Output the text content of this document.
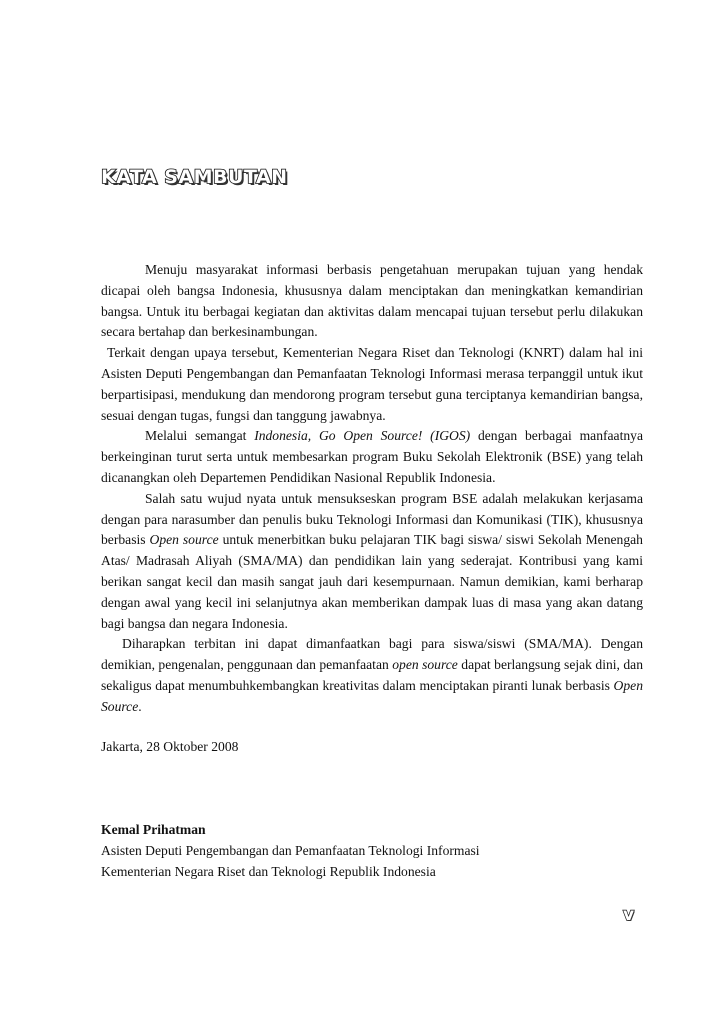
KATA SAMBUTAN

Menuju masyarakat informasi berbasis pengetahuan merupakan tujuan yang hendak dicapai oleh bangsa Indonesia, khususnya dalam menciptakan dan meningkatkan kemandirian bangsa. Untuk itu berbagai kegiatan dan aktivitas dalam mencapai tujuan tersebut perlu dilakukan secara bertahap dan berkesinambungan.

Terkait dengan upaya tersebut, Kementerian Negara Riset dan Teknologi (KNRT) dalam hal ini Asisten Deputi Pengembangan dan Pemanfaatan Teknologi Informasi merasa terpanggil untuk ikut berpartisipasi, mendukung dan mendorong program tersebut guna terciptanya kemandirian bangsa, sesuai dengan tugas, fungsi dan tanggung jawabnya.

Melalui semangat Indonesia, Go Open Source! (IGOS) dengan berbagai manfaatnya berkeinginan turut serta untuk membesarkan program Buku Sekolah Elektronik (BSE) yang telah dicanangkan oleh Departemen Pendidikan Nasional Republik Indonesia.

Salah satu wujud nyata untuk mensukseskan program BSE adalah melakukan kerjasama dengan para narasumber dan penulis buku Teknologi Informasi dan Komunikasi (TIK), khususnya berbasis Open source untuk menerbitkan buku pelajaran TIK bagi siswa/ siswi Sekolah Menengah Atas/ Madrasah Aliyah (SMA/MA) dan pendidikan lain yang sederajat. Kontribusi yang kami berikan sangat kecil dan masih sangat jauh dari kesempurnaan. Namun demikian, kami berharap dengan awal yang kecil ini selanjutnya akan memberikan dampak luas di masa yang akan datang bagi bangsa dan negara Indonesia.

Diharapkan terbitan ini dapat dimanfaatkan bagi para siswa/siswi (SMA/MA). Dengan demikian, pengenalan, penggunaan dan pemanfaatan open source dapat berlangsung sejak dini, dan sekaligus dapat menumbuhkembangkan kreativitas dalam menciptakan piranti lunak berbasis Open Source.

Jakarta, 28 Oktober 2008
Kemal Prihatman
Asisten Deputi Pengembangan dan Pemanfaatan Teknologi Informasi
Kementerian Negara Riset dan Teknologi Republik Indonesia
v
